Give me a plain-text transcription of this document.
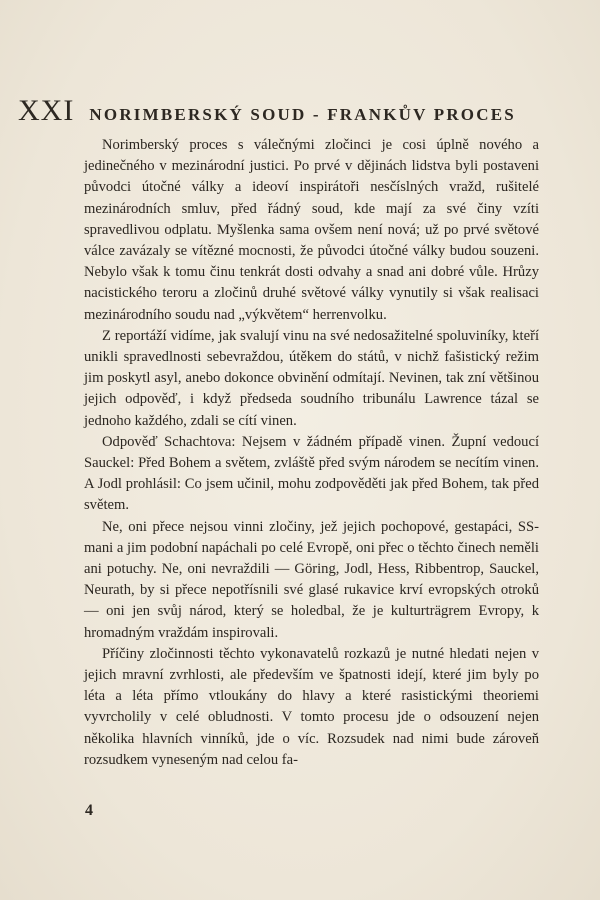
XXI NORIMBERSKÝ SOUD - FRANKŮV PROCES

Norimberský proces s válečnými zločinci je cosi úplně nového a jedinečného v mezinárodní justici. Po prvé v dějinách lidstva byli postaveni původci útočné války a ideoví inspirátoři nesčíslných vražd, rušitelé mezinárodních smluv, před řádný soud, kde mají za své činy vzíti spravedlivou odplatu. Myšlenka sama ovšem není nová; už po prvé světové válce zavázaly se vítězné mocnosti, že původci útočné války budou souzeni. Nebylo však k tomu činu tenkrát dosti odvahy a snad ani dobré vůle. Hrůzy nacistického teroru a zločinů druhé světové války vynutily si však realisaci mezinárodního soudu nad „výkvětem“ herrenvolku.

Z reportáží vidíme, jak svalují vinu na své nedosažitelné spoluviníky, kteří unikli spravedlnosti sebevraždou, útěkem do států, v nichž fašistický režim jim poskytl asyl, anebo dokonce obvinění odmítají. Nevinen, tak zní většinou jejich odpověď, i když předseda soudního tribunálu Lawrence tázal se jednoho každého, zdali se cítí vinen.

Odpověď Schachtova: Nejsem v žádném případě vinen. Župní vedoucí Sauckel: Před Bohem a světem, zvláště před svým národem se necítím vinen. A Jodl prohlásil: Co jsem učinil, mohu zodpověděti jak před Bohem, tak před světem.

Ne, oni přece nejsou vinni zločiny, jež jejich pochopové, gestapáci, SS-mani a jim podobní napáchali po celé Evropě, oni přec o těchto činech neměli ani potuchy. Ne, oni nevraždili — Göring, Jodl, Hess, Ribbentrop, Sauckel, Neurath, by si přece nepotřísnili své glasé rukavice krví evropských otroků — oni jen svůj národ, který se holedbal, že je kulturträgrem Evropy, k hromadným vraždám inspirovali.

Příčiny zločinnosti těchto vykonavatelů rozkazů je nutné hledati nejen v jejich mravní zvrhlosti, ale především ve špatnosti idejí, které jim byly po léta a léta přímo vtloukány do hlavy a které rasistickými theoriemi vyvrcholily v celé obludnosti. V tomto procesu jde o odsouzení nejen několika hlavních vinníků, jde o víc. Rozsudek nad nimi bude zároveň rozsudkem vyneseným nad celou fa-

4
